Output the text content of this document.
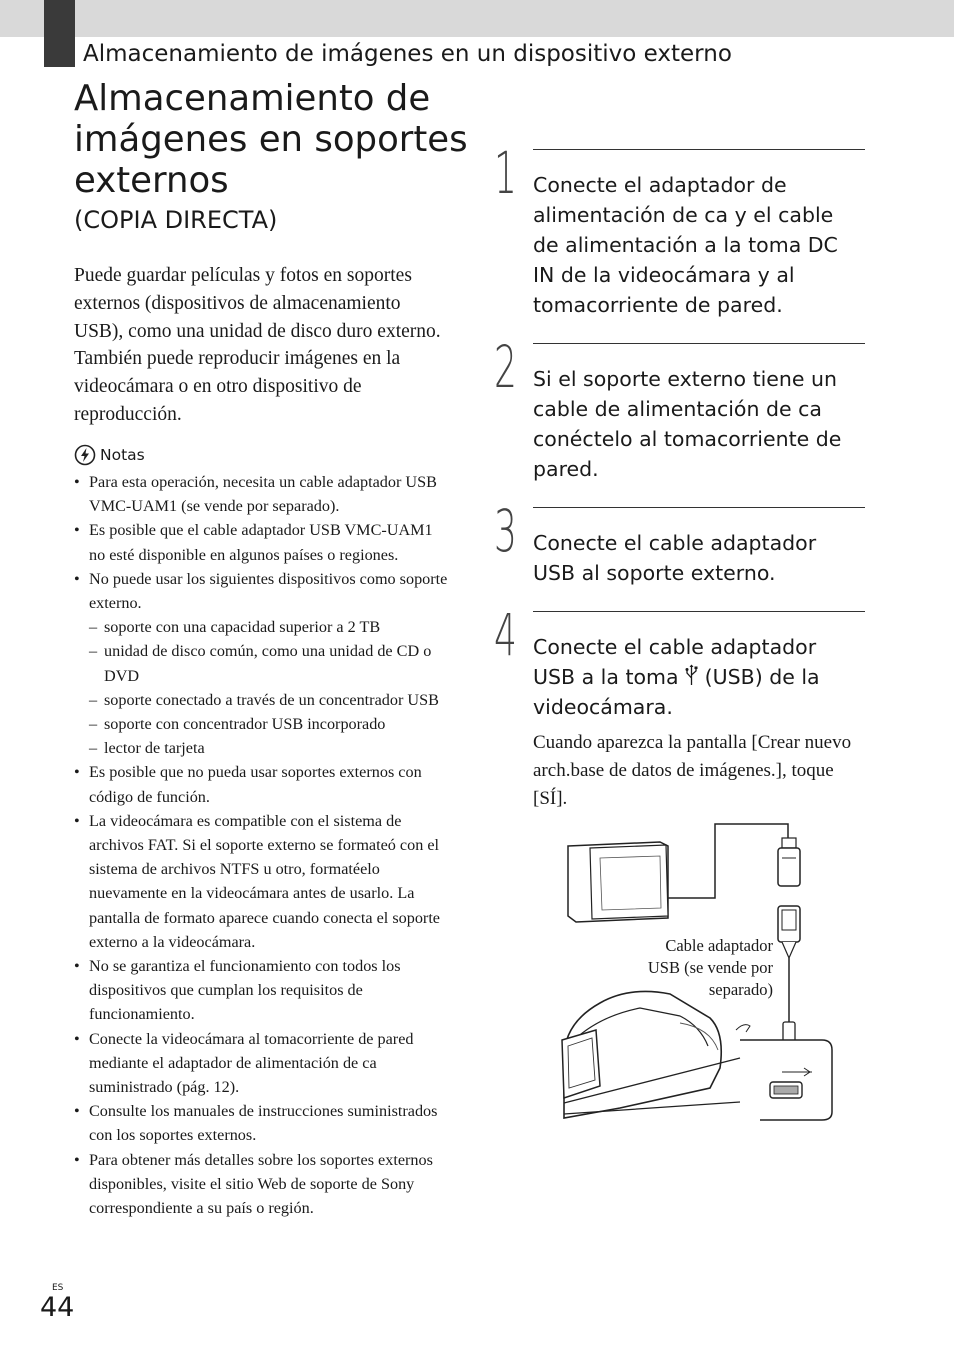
Almacenamiento de imágenes en un dispositivo externo
Almacenamiento de imágenes en soportes externos
(COPIA DIRECTA)

Puede guardar películas y fotos en soportes externos (dispositivos de almacenamiento USB), como una unidad de disco duro externo. También puede reproducir imágenes en la videocámara o en otro dispositivo de reproducción.

Notas
• Para esta operación, necesita un cable adaptador USB VMC-UAM1 (se vende por separado).
• Es posible que el cable adaptador USB VMC-UAM1 no esté disponible en algunos países o regiones.
• No puede usar los siguientes dispositivos como soporte externo.
– soporte con una capacidad superior a 2 TB
– unidad de disco común, como una unidad de CD o DVD
– soporte conectado a través de un concentrador USB
– soporte con concentrador USB incorporado
– lector de tarjeta
• Es posible que no pueda usar soportes externos con código de función.
• La videocámara es compatible con el sistema de archivos FAT. Si el soporte externo se formateó con el sistema de archivos NTFS u otro, formatéelo nuevamente en la videocámara antes de usarlo. La pantalla de formato aparece cuando conecta el soporte externo a la videocámara.
• No se garantiza el funcionamiento con todos los dispositivos que cumplan los requisitos de funcionamiento.
• Conecte la videocámara al tomacorriente de pared mediante el adaptador de alimentación de ca suministrado (pág. 12).
• Consulte los manuales de instrucciones suministrados con los soportes externos.
• Para obtener más detalles sobre los soportes externos disponibles, visite el sitio Web de soporte de Sony correspondiente a su país o región.
1 Conecte el adaptador de alimentación de ca y el cable de alimentación a la toma DC IN de la videocámara y al tomacorriente de pared.

2 Si el soporte externo tiene un cable de alimentación de ca conéctelo al tomacorriente de pared.

3 Conecte el cable adaptador USB al soporte externo.

4 Conecte el cable adaptador USB a la toma  (USB) de la videocámara.

Cuando aparezca la pantalla [Crear nuevo arch.base de datos de imágenes.], toque [SÍ].

Cable adaptador USB (se vende por separado)
ES
44
